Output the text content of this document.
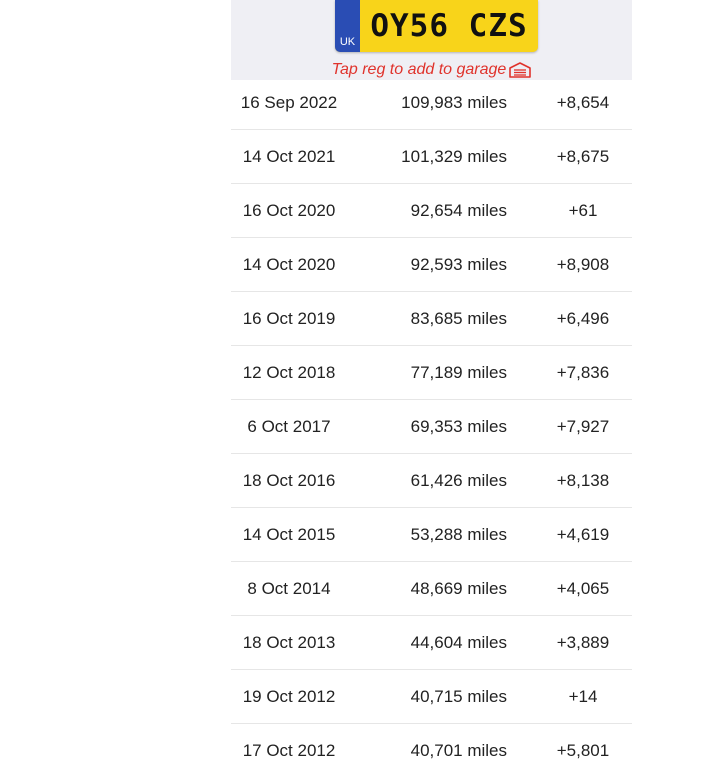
UK OY56 CZS
Tap reg to add to garage
16 Sep 2022	109,983 miles	+8,654
14 Oct 2021	101,329 miles	+8,675
16 Oct 2020	92,654 miles	+61
14 Oct 2020	92,593 miles	+8,908
16 Oct 2019	83,685 miles	+6,496
12 Oct 2018	77,189 miles	+7,836
6 Oct 2017	69,353 miles	+7,927
18 Oct 2016	61,426 miles	+8,138
14 Oct 2015	53,288 miles	+4,619
8 Oct 2014	48,669 miles	+4,065
18 Oct 2013	44,604 miles	+3,889
19 Oct 2012	40,715 miles	+14
17 Oct 2012	40,701 miles	+5,801
